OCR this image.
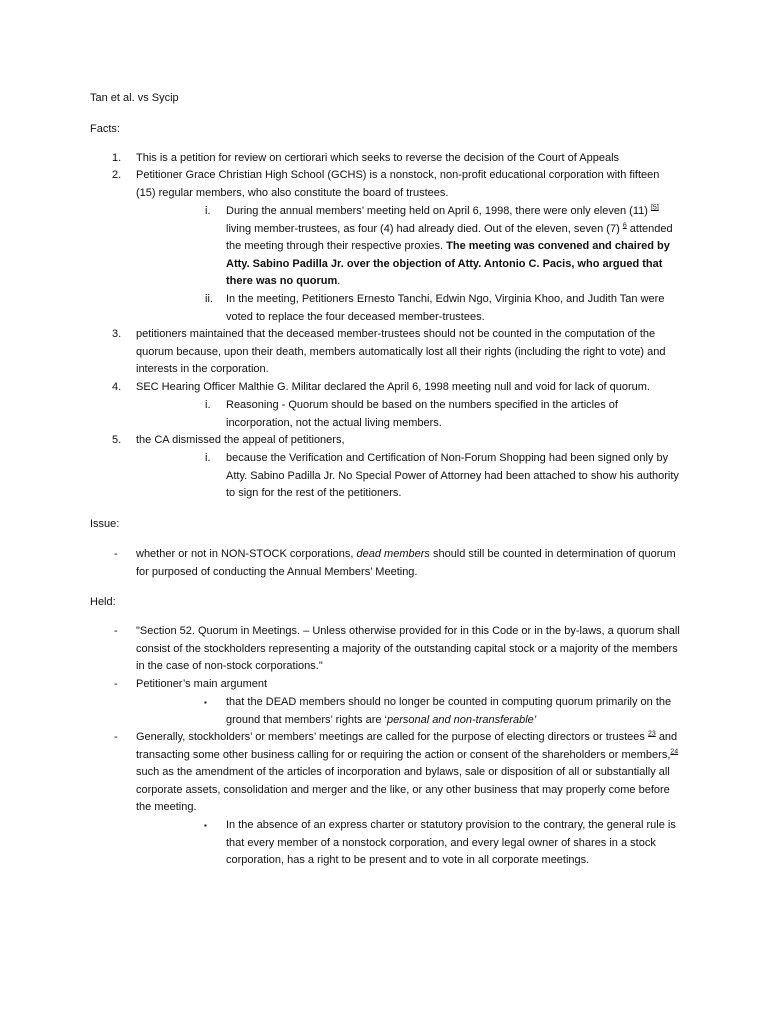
Tan et al. vs Sycip

Facts:

1. This is a petition for review on certiorari which seeks to reverse the decision of the Court of Appeals

2. Petitioner Grace Christian High School (GCHS) is a nonstock, non-profit educational corporation with fifteen (15) regular members, who also constitute the board of trustees.

i. During the annual members’ meeting held on April 6, 1998, there were only eleven (11) [5] living member-trustees, as four (4) had already died. Out of the eleven, seven (7) $^6$ attended the meeting through their respective proxies. The meeting was convened and chaired by Atty. Sabino Padilla Jr. over the objection of Atty. Antonio C. Pacis, who argued that there was no quorum.

ii. In the meeting, Petitioners Ernesto Tanchi, Edwin Ngo, Virginia Khoo, and Judith Tan were voted to replace the four deceased member-trustees.

3. petitioners maintained that the deceased member-trustees should not be counted in the computation of the quorum because, upon their death, members automatically lost all their rights (including the right to vote) and interests in the corporation.

4. SEC Hearing Officer Malthie G. Militar declared the April 6, 1998 meeting null and void for lack of quorum.

i. Reasoning - Quorum should be based on the numbers specified in the articles of incorporation, not the actual living members.

5. the CA dismissed the appeal of petitioners,

i. because the Verification and Certification of Non-Forum Shopping had been signed only by Atty. Sabino Padilla Jr. No Special Power of Attorney had been attached to show his authority to sign for the rest of the petitioners.

Issue:

- whether or not in NON-STOCK corporations, dead members should still be counted in determination of quorum for purposed of conducting the Annual Members’ Meeting.

Held:

- "Section 52. Quorum in Meetings. – Unless otherwise provided for in this Code or in the by-laws, a quorum shall consist of the stockholders representing a majority of the outstanding capital stock or a majority of the members in the case of non-stock corporations."

- Petitioner’s main argument

▪ that the DEAD members should no longer be counted in computing quorum primarily on the ground that members’ rights are ‘personal and non-transferable’

- Generally, stockholders’ or members’ meetings are called for the purpose of electing directors or trustees $^{23}$ and transacting some other business calling for or requiring the action or consent of the shareholders or members,$^{24}$ such as the amendment of the articles of incorporation and bylaws, sale or disposition of all or substantially all corporate assets, consolidation and merger and the like, or any other business that may properly come before the meeting.

▪ In the absence of an express charter or statutory provision to the contrary, the general rule is that every member of a nonstock corporation, and every legal owner of shares in a stock corporation, has a right to be present and to vote in all corporate meetings.
